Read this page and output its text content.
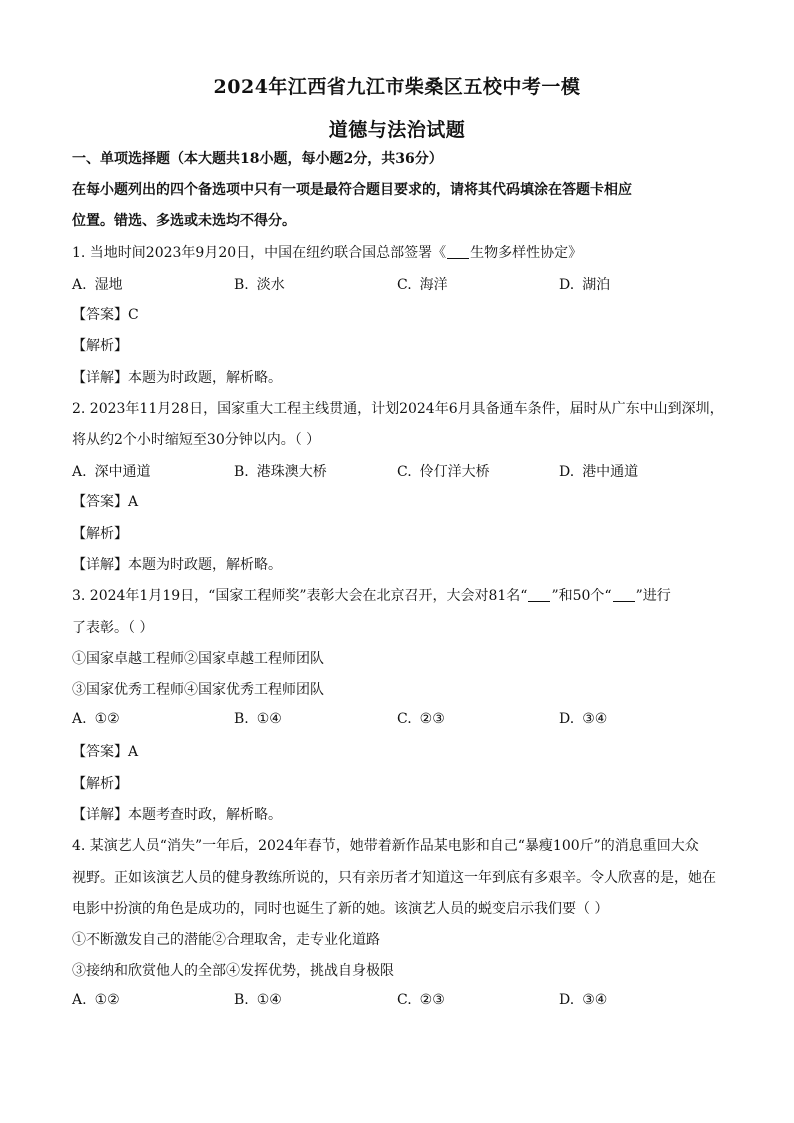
2024年江西省九江市柴桑区五校中考一模
道德与法治试题
一、单项选择题（本大题共18小题，每小题2分，共36分）
在每小题列出的四个备选项中只有一项是最符合题目要求的，请将其代码填涂在答题卡相应
位置。错选、多选或未选均不得分。
1. 当地时间2023年9月20日，中国在纽约联合国总部签署《 生物多样性协定》
A. 湿地	B. 淡水	C. 海洋	D. 湖泊
【答案】C
【解析】
【详解】本题为时政题，解析略。
2. 2023年11月28日，国家重大工程主线贯通，计划2024年6月具备通车条件，届时从广东中山到深圳，
将从约2个小时缩短至30分钟以内。（ ）
A. 深中通道	B. 港珠澳大桥	C. 伶仃洋大桥	D. 港中通道
【答案】A
【解析】
【详解】本题为时政题，解析略。
3. 2024年1月19日，“国家工程师奖”表彰大会在北京召开，大会对81名“ ”和50个“ ”进行
了表彰。（ ）
①国家卓越工程师②国家卓越工程师团队
③国家优秀工程师④国家优秀工程师团队
A. ①②	B. ①④	C. ②③	D. ③④
【答案】A
【解析】
【详解】本题考查时政，解析略。
4. 某演艺人员“消失”一年后，2024年春节，她带着新作品某电影和自己“暴瘦100斤”的消息重回大众
视野。正如该演艺人员的健身教练所说的，只有亲历者才知道这一年到底有多艰辛。令人欣喜的是，她在
电影中扮演的角色是成功的，同时也诞生了新的她。该演艺人员的蜕变启示我们要（ ）
①不断激发自己的潜能②合理取舍，走专业化道路
③接纳和欣赏他人的全部④发挥优势，挑战自身极限
A. ①②	B. ①④	C. ②③	D. ③④
